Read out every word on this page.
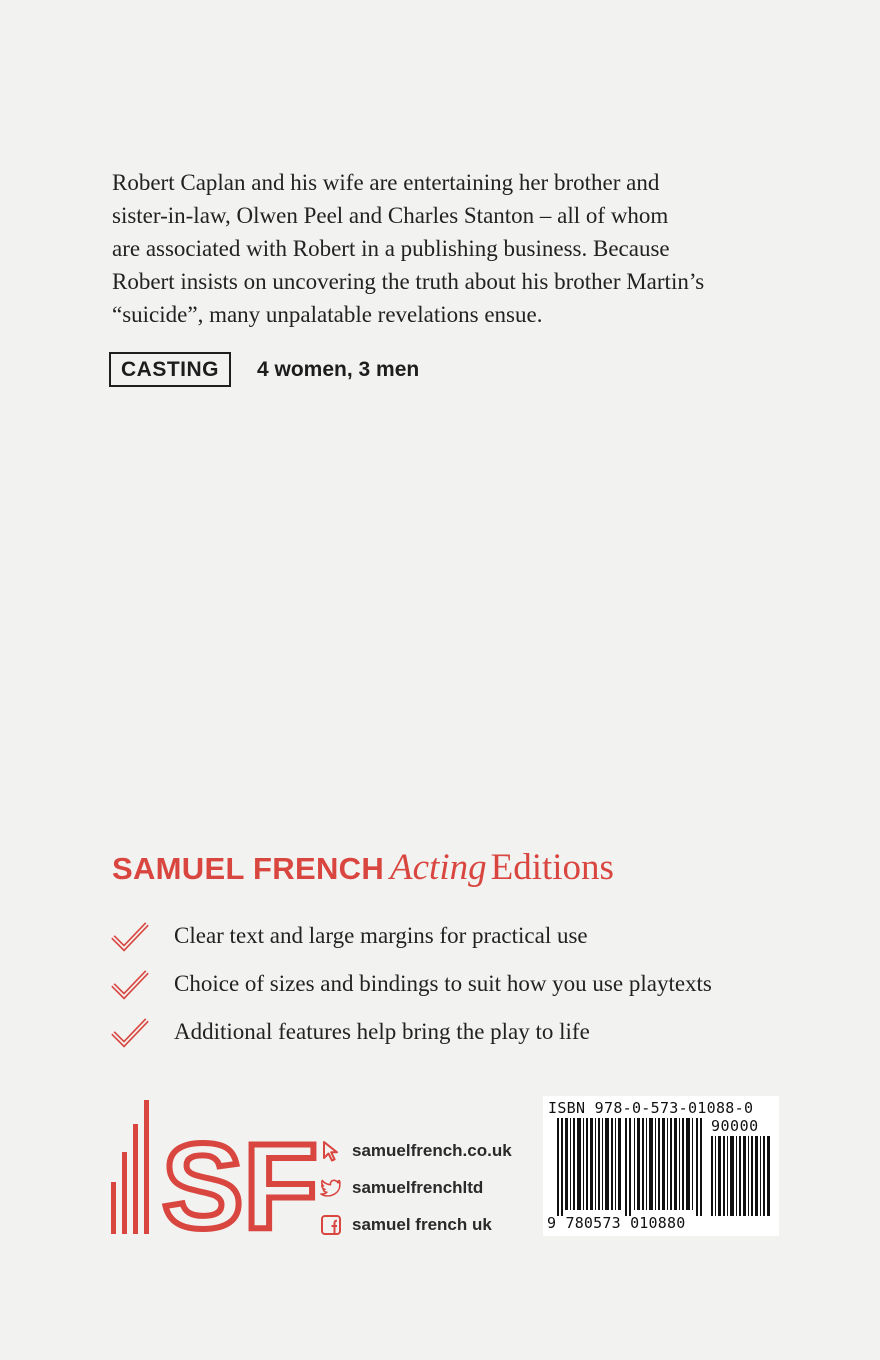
Robert Caplan and his wife are entertaining her brother and

sister-in-law, Olwen Peel and Charles Stanton – all of whom

are associated with Robert in a publishing business. Because

Robert insists on uncovering the truth about his brother Martin’s

“suicide”, many unpalatable revelations ensue.

CASTING	4 women, 3 men
SAMUEL FRENCH Acting Editions
Clear text and large margins for practical use
Choice of sizes and bindings to suit how you use playtexts
Additional features help bring the play to life
SF samuelfrench.co.uk
samuelfrenchltd
samuel french uk
ISBN 978-0-573-01088-0
90000
9 780573 010880
